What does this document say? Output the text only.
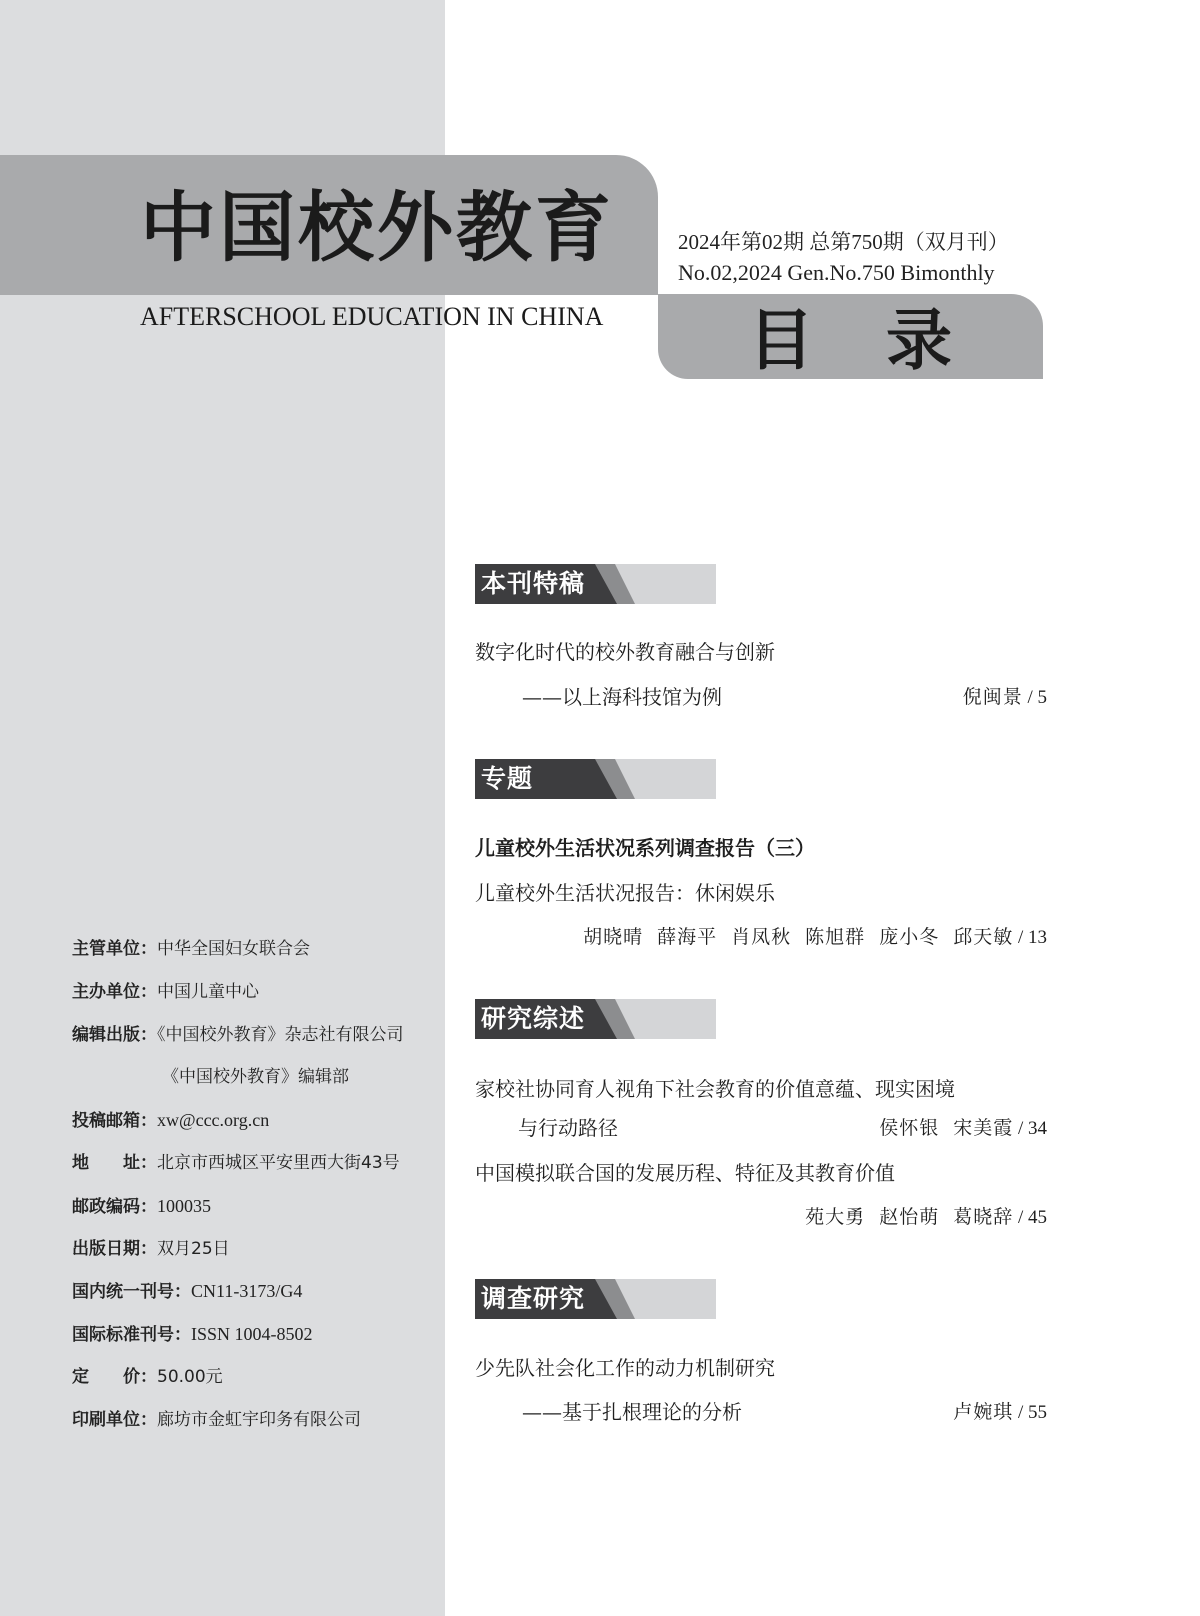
中国校外教育
AFTERSCHOOL EDUCATION IN CHINA
2024年第02期 总第750期（双月刊）
No.02,2024 Gen.No.750 Bimonthly
目录
本刊特稿
数字化时代的校外教育融合与创新
——以上海科技馆为例	倪闽景 / 5
专题
儿童校外生活状况系列调查报告（三）
儿童校外生活状况报告：休闲娱乐
胡晓晴 薛海平 肖凤秋 陈旭群 庞小冬 邱天敏 / 13
研究综述
家校社协同育人视角下社会教育的价值意蕴、现实困境
与行动路径	侯怀银 宋美霞 / 34
中国模拟联合国的发展历程、特征及其教育价值
苑大勇 赵怡萌 葛晓辞 / 45
调查研究
少先队社会化工作的动力机制研究
——基于扎根理论的分析	卢婉琪 / 55
主管单位：中华全国妇女联合会
主办单位：中国儿童中心
编辑出版：《中国校外教育》杂志社有限公司
《中国校外教育》编辑部
投稿邮箱：xw@ccc.org.cn
地　　址：北京市西城区平安里西大街43号
邮政编码：100035
出版日期：双月25日
国内统一刊号：CN11-3173/G4
国际标准刊号：ISSN 1004-8502
定　　价：50.00元
印刷单位：廊坊市金虹宇印务有限公司
